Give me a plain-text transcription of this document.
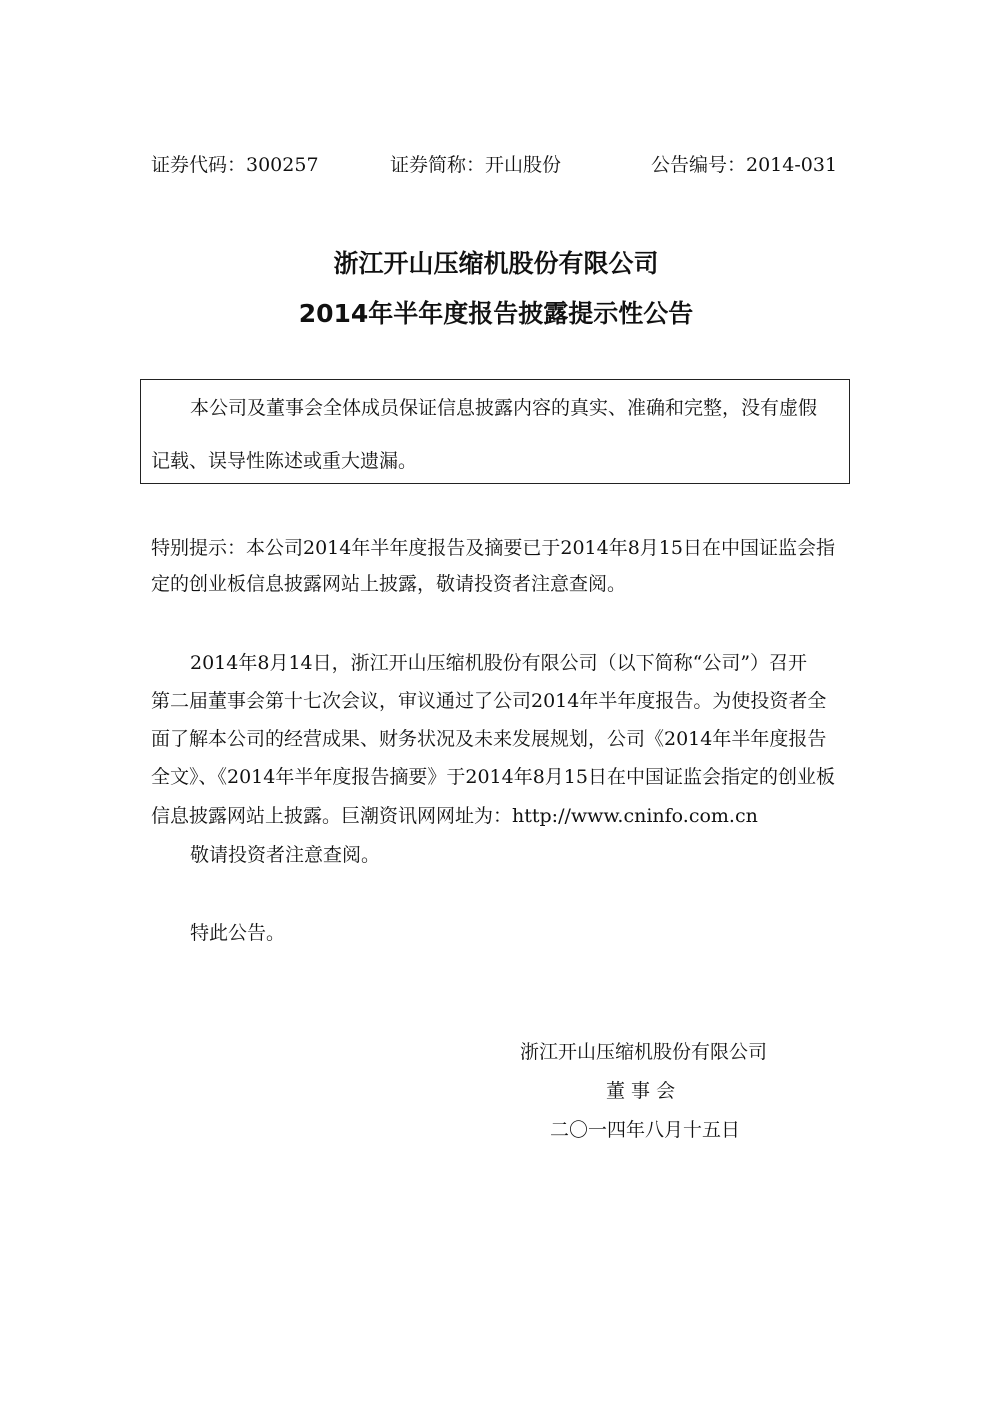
证券代码：300257	证券简称：开山股份	公告编号：2014-031
浙江开山压缩机股份有限公司
2014年半年度报告披露提示性公告
本公司及董事会全体成员保证信息披露内容的真实、准确和完整，没有虚假
记载、误导性陈述或重大遗漏。
特别提示：本公司2014年半年度报告及摘要已于2014年8月15日在中国证监会指
定的创业板信息披露网站上披露，敬请投资者注意查阅。
2014年8月14日，浙江开山压缩机股份有限公司（以下简称“公司”）召开
第二届董事会第十七次会议，审议通过了公司2014年半年度报告。为使投资者全
面了解本公司的经营成果、财务状况及未来发展规划，公司《2014年半年度报告
全文》、《2014年半年度报告摘要》于2014年8月15日在中国证监会指定的创业板
信息披露网站上披露。巨潮资讯网网址为：http://www.cninfo.com.cn
敬请投资者注意查阅。
特此公告。
浙江开山压缩机股份有限公司
董 事 会
二〇一四年八月十五日
